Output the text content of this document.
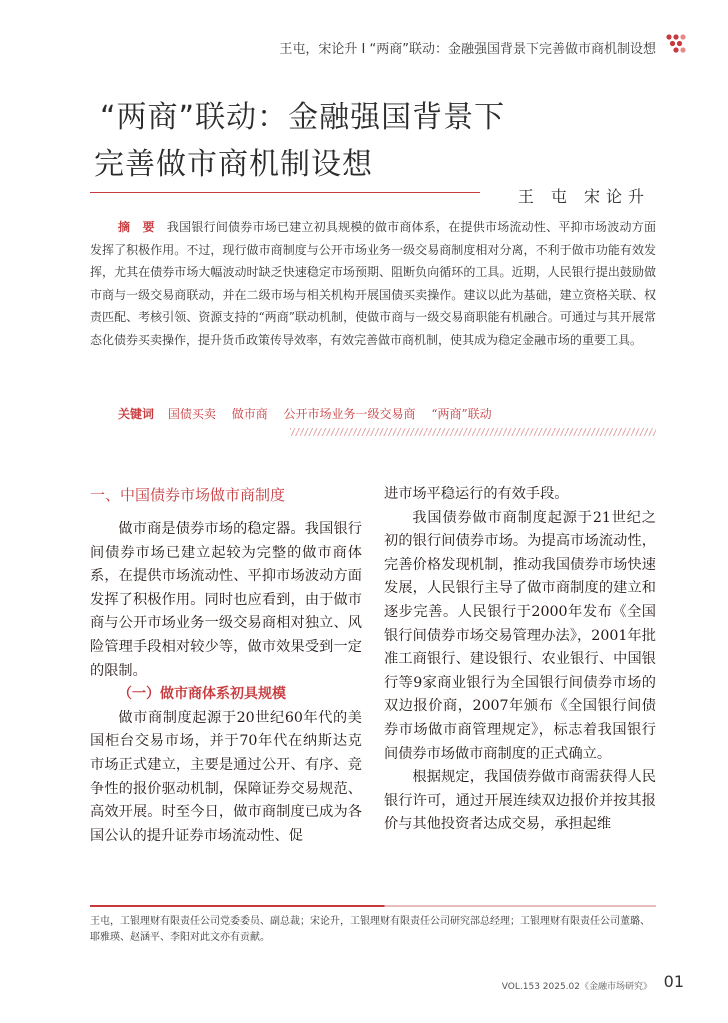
王屯，宋论升 Ι “两商”联动：金融强国背景下完善做市商机制设想
“两商”联动：金融强国背景下
完善做市商机制设想
王 屯 宋论升
摘 要 我国银行间债券市场已建立初具规模的做市商体系，在提供市场流动性、平抑市场波动方面发挥了积极作用。不过，现行做市商制度与公开市场业务一级交易商制度相对分离，不利于做市功能有效发挥，尤其在债券市场大幅波动时缺乏快速稳定市场预期、阻断负向循环的工具。近期，人民银行提出鼓励做市商与一级交易商联动，并在二级市场与相关机构开展国债买卖操作。建议以此为基础，建立资格关联、权责匹配、考核引领、资源支持的“两商”联动机制，使做市商与一级交易商职能有机融合。可通过与其开展常态化债券买卖操作，提升货币政策传导效率，有效完善做市商机制，使其成为稳定金融市场的重要工具。
关键词 国债买卖 做市商 公开市场业务一级交易商 “两商”联动
一、中国债券市场做市商制度

做市商是债券市场的稳定器。我国银行间债券市场已建立起较为完整的做市商体系，在提供市场流动性、平抑市场波动方面发挥了积极作用。同时也应看到，由于做市商与公开市场业务一级交易商相对独立、风险管理手段相对较少等，做市效果受到一定的限制。

（一）做市商体系初具规模

做市商制度起源于20世纪60年代的美国柜台交易市场，并于70年代在纳斯达克市场正式建立，主要是通过公开、有序、竞争性的报价驱动机制，保障证券交易规范、高效开展。时至今日，做市商制度已成为各国公认的提升证券市场流动性、促

进市场平稳运行的有效手段。

我国债券做市商制度起源于21世纪之初的银行间债券市场。为提高市场流动性，完善价格发现机制，推动我国债券市场快速发展，人民银行主导了做市商制度的建立和逐步完善。人民银行于2000年发布《全国银行间债券市场交易管理办法》，2001年批准工商银行、建设银行、农业银行、中国银行等9家商业银行为全国银行间债券市场的双边报价商，2007年颁布《全国银行间债券市场做市商管理规定》，标志着我国银行间债券市场做市商制度的正式确立。

根据规定，我国债券做市商需获得人民银行许可，通过开展连续双边报价并按其报价与其他投资者达成交易，承担起维

王屯，工银理财有限责任公司党委委员、副总裁；宋论升，工银理财有限责任公司研究部总经理；工银理财有限责任公司董璐、耶雅瑛、赵涵平、李阳对此文亦有贡献。
VOL.153 2025.02《金融市场研究》 01
